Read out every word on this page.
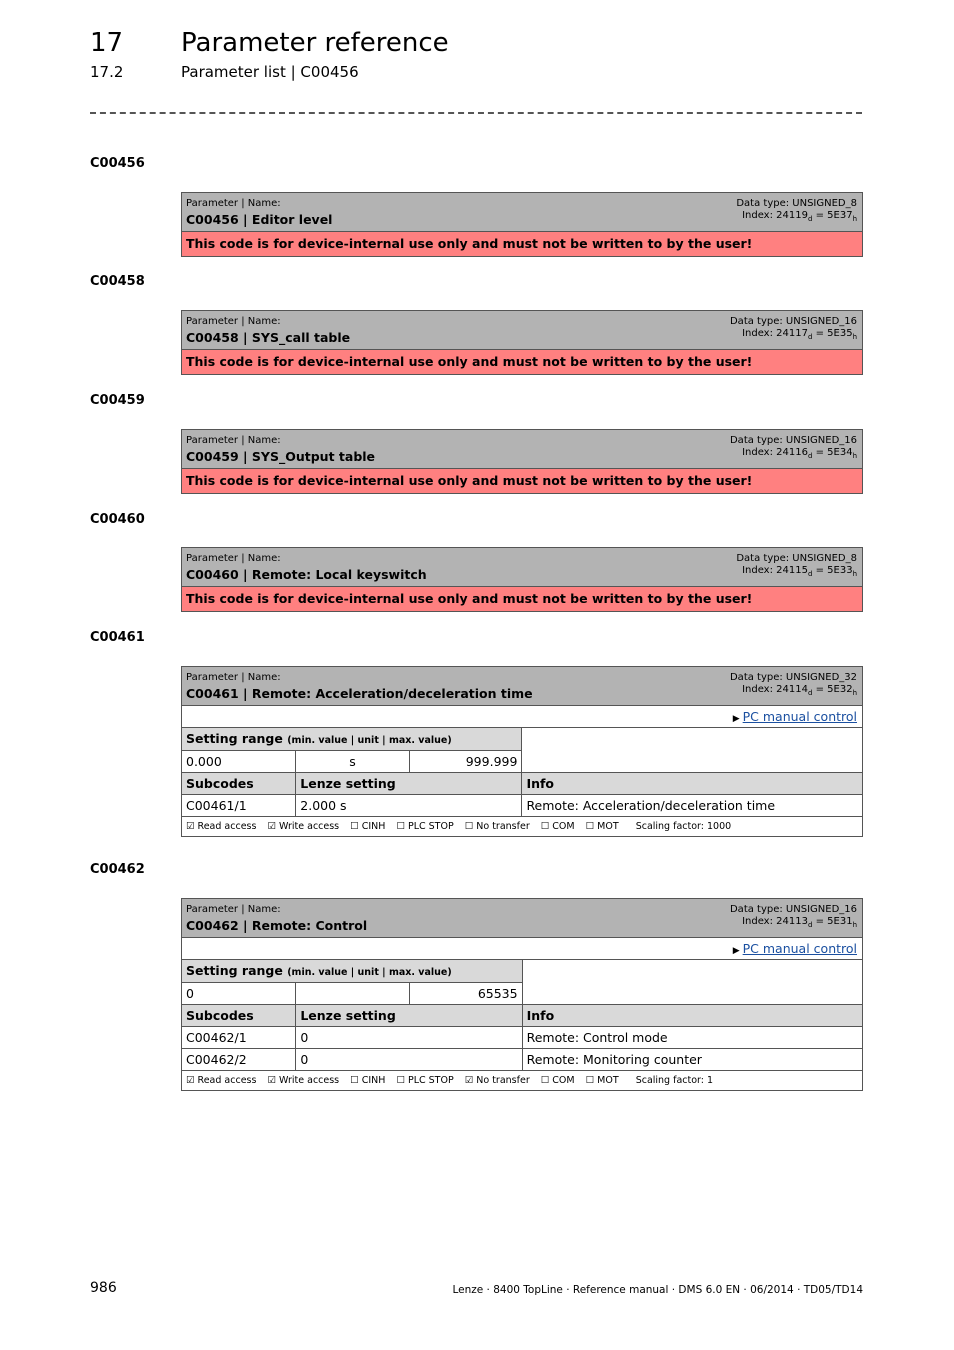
17 Parameter reference
17.2	Parameter list | C00456
C00456
Parameter | Name:
C00456 | Editor level
Data type: UNSIGNED_8
Index: $24119_d = 5E37_h$
This code is for device-internal use only and must not be written to by the user!
C00458
Parameter | Name:
C00458 | SYS_call table
Data type: UNSIGNED_16
Index: $24117_d = 5E35_h$
This code is for device-internal use only and must not be written to by the user!
C00459
Parameter | Name:
C00459 | SYS_Output table
Data type: UNSIGNED_16
Index: $24116_d = 5E34_h$
This code is for device-internal use only and must not be written to by the user!
C00460
Parameter | Name:
C00460 | Remote: Local keyswitch
Data type: UNSIGNED_8
Index: $24115_d = 5E33_h$
This code is for device-internal use only and must not be written to by the user!
C00461
Parameter | Name:
C00461 | Remote: Acceleration/deceleration time
Data type: UNSIGNED_32
Index: $24114_d = 5E32_h$
▶ PC manual control
Setting range (min. value | unit | max. value)			
0.000	s	999.999	
Subcodes	Lenze setting		Info
C00461/1	2.000 s		Remote: Acceleration/deceleration time
☑ Read access ☑ Write access ☐ CINH ☐ PLC STOP ☐ No transfer ☐ COM ☐ MOT Scaling factor: 1000
C00462
Parameter | Name:
C00462 | Remote: Control
Data type: UNSIGNED_16
Index: $24113_d = 5E31_h$
▶ PC manual control
Setting range (min. value | unit | max. value)			
0		65535	
Subcodes	Lenze setting		Info
C00462/1	0		Remote: Control mode
C00462/2	0		Remote: Monitoring counter
☑ Read access ☑ Write access ☐ CINH ☐ PLC STOP ☑ No transfer ☐ COM ☐ MOT Scaling factor: 1
986	Lenze · 8400 TopLine · Reference manual · DMS 6.0 EN · 06/2014 · TD05/TD14
